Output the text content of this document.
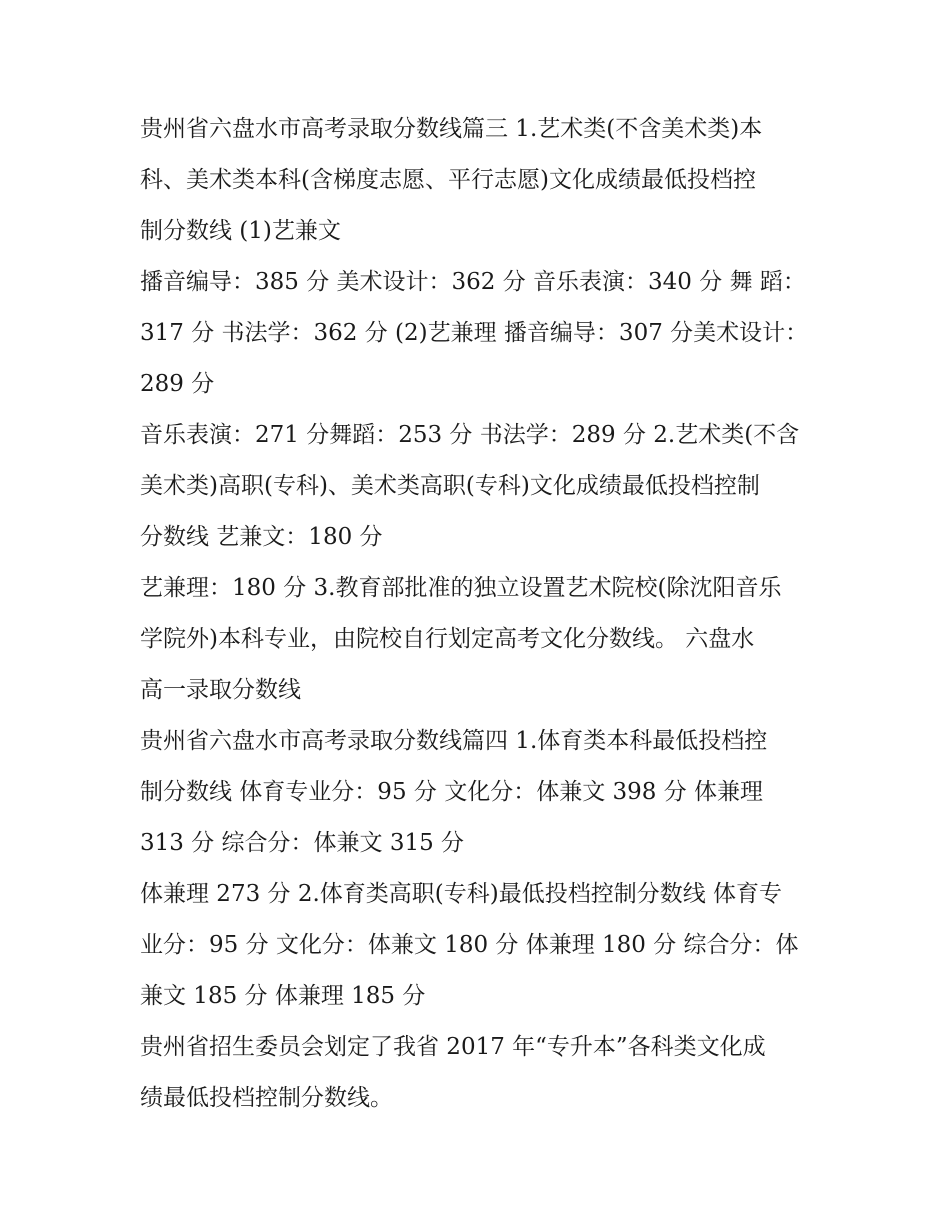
贵州省六盘水市高考录取分数线篇三 1.艺术类(不含美术类)本
科、美术类本科(含梯度志愿、平行志愿)文化成绩最低投档控
制分数线 (1)艺兼文
播音编导：385 分 美术设计：362 分 音乐表演：340 分 舞 蹈：
317 分 书法学：362 分 (2)艺兼理 播音编导：307 分美术设计：
289 分
音乐表演：271 分舞蹈：253 分 书法学：289 分 2.艺术类(不含
美术类)高职(专科)、美术类高职(专科)文化成绩最低投档控制
分数线 艺兼文：180 分
艺兼理：180 分 3.教育部批准的独立设置艺术院校(除沈阳音乐
学院外)本科专业，由院校自行划定高考文化分数线。 六盘水
高一录取分数线
贵州省六盘水市高考录取分数线篇四 1.体育类本科最低投档控
制分数线 体育专业分：95 分 文化分：体兼文 398 分 体兼理
313 分 综合分：体兼文 315 分
体兼理 273 分 2.体育类高职(专科)最低投档控制分数线 体育专
业分：95 分 文化分：体兼文 180 分 体兼理 180 分 综合分：体
兼文 185 分 体兼理 185 分
贵州省招生委员会划定了我省 2017 年“专升本”各科类文化成
绩最低投档控制分数线。
